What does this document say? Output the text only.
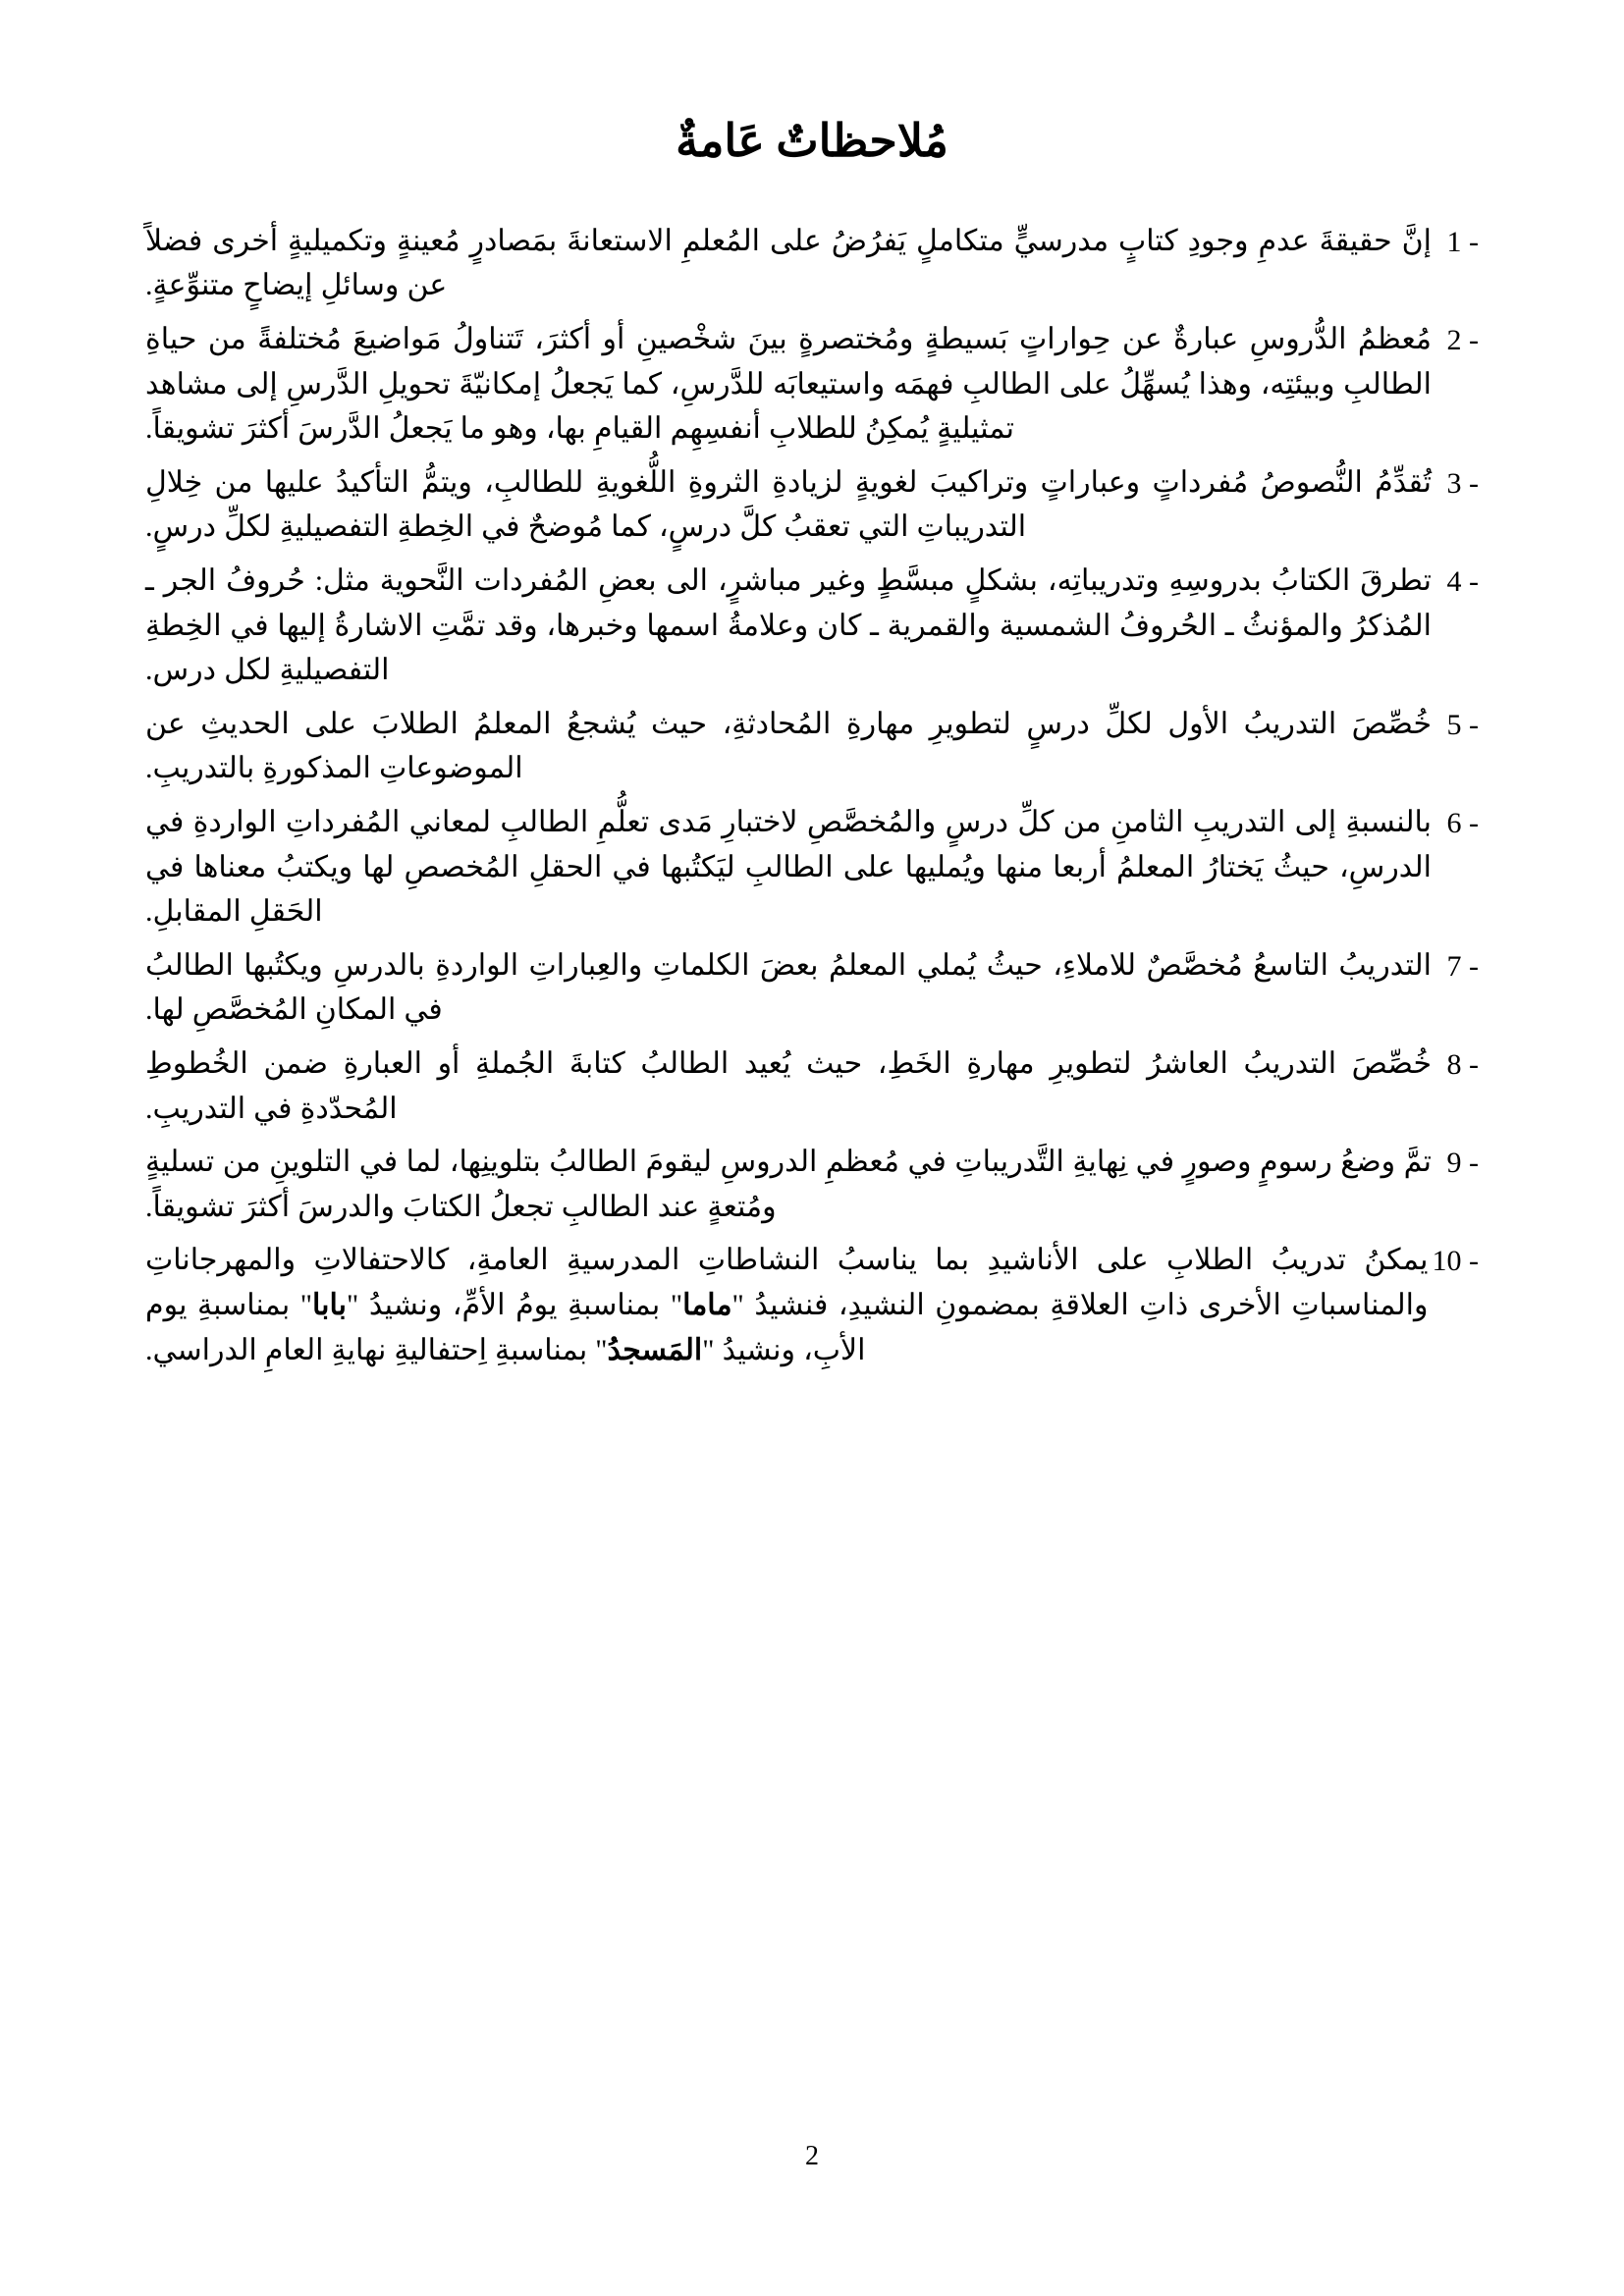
مُلاحظاتٌ عَامةٌ
1 -
إنَّ حقيقةَ عدمِ وجودِ كتابٍ مدرسيٍّ متكاملٍ يَفرُضُ على المُعلمِ الاستعانةَ بمَصادرٍ مُعينةٍ وتكميليةٍ أخرى فضلاً عن وسائلِ إيضاحٍ متنوِّعةٍ.
2 -
مُعظمُ الدُّروسِ عبارةٌ عن حِواراتٍ بَسيطةٍ ومُختصرةٍ بينَ شخْصينِ أو أكثرَ، تَتناولُ مَواضيعَ مُختلفةً من حياةِ الطالبِ وبيئتِه، وهذا يُسهِّلُ على الطالبِ فهمَه واستيعابَه للدَّرسِ، كما يَجعلُ إمكانيّةَ تحويلِ الدَّرسِ إلى مشاهد تمثيليةٍ يُمكِنُ للطلابِ أنفسِهِم القيامِ بها، وهو ما يَجعلُ الدَّرسَ أكثرَ تشويقاً.
3 -
تُقدِّمُ النُّصوصُ مُفرداتٍ وعباراتٍ وتراكيبَ لغويةٍ لزيادةِ الثروةِ اللُّغويةِ للطالبِ، ويتمُّ التأكيدُ عليها من خِلالِ التدريباتِ التي تعقبُ كلَّ درسٍ، كما مُوضحٌ في الخِطةِ التفصيليةِ لكلِّ درسٍ.
4 -
تطرقَ الكتابُ بدروسِهِ وتدريباتِه، بشكلٍ مبسَّطٍ وغير مباشرٍ، الى بعضِ المُفردات النَّحوية مثل: حُروفُ الجر ـ المُذكرُ والمؤنثُ ـ الحُروفُ الشمسية والقمرية ـ كان وعلامةُ اسمها وخبرها، وقد تمَّتِ الاشارةُ إليها في الخِطةِ التفصيليةِ لكل درس.
5 -
خُصِّصَ التدريبُ الأول لكلِّ درسٍ لتطويرِ مهارةِ المُحادثةِ، حيث يُشجعُ المعلمُ الطلابَ على الحديثِ عن الموضوعاتِ المذكورةِ بالتدريبِ.
6 -
بالنسبةِ إلى التدريبِ الثامنِ من كلِّ درسٍ والمُخصَّصِ لاختبارِ مَدى تعلُّمِ الطالبِ لمعاني المُفرداتِ الواردةِ في الدرسِ، حيثُ يَختارُ المعلمُ أربعا منها ويُمليها على الطالبِ ليَكتُبها في الحقلِ المُخصصِ لها ويكتبُ معناها في الحَقلِ المقابلِ.
7 -
التدريبُ التاسعُ مُخصَّصٌ للاملاءِ، حيثُ يُملي المعلمُ بعضَ الكلماتِ والعِباراتِ الواردةِ بالدرسِ ويكتُبها الطالبُ في المكانِ المُخصَّصِ لها.
8 -
خُصِّصَ التدريبُ العاشرُ لتطويرِ مهارةِ الخَطِ، حيث يُعيد الطالبُ كتابةَ الجُملةِ أو العبارةِ ضمن الخُطوطِ المُحدّدةِ في التدريبِ.
9 -
تمَّ وضعُ رسومٍ وصورٍ في نِهايةِ التَّدريباتِ في مُعظمِ الدروسِ ليقومَ الطالبُ بتلوينِها، لما في التلوينِ من تسليةٍ ومُتعةٍ عند الطالبِ تجعلُ الكتابَ والدرسَ أكثرَ تشويقاً.
10 -
يمكنُ تدريبُ الطلابِ على الأناشيدِ بما يناسبُ النشاطاتِ المدرسيةِ العامةِ، كالاحتفالاتِ والمهرجاناتِ والمناسباتِ الأخرى ذاتِ العلاقةِ بمضمونِ النشيدِ، فنشيدُ "ماما" بمناسبةِ يومُ الأمِّ، ونشيدُ "بابا" بمناسبةِ يوم الأبِ، ونشيدُ "المَسجدُ" بمناسبةِ اِحتفاليةِ نهايةِ العامِ الدراسي.
2
